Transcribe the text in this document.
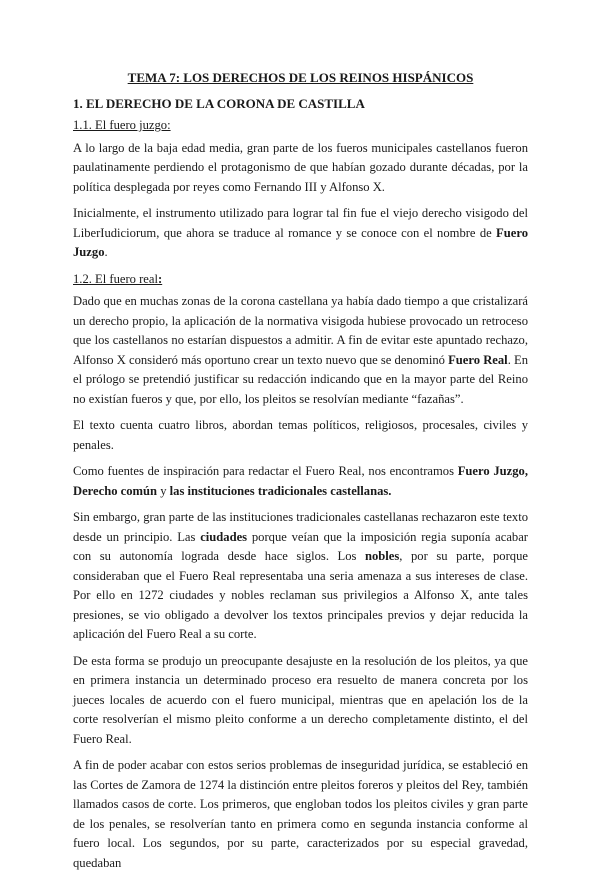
TEMA 7: LOS DERECHOS DE LOS REINOS HISPÁNICOS
1. EL DERECHO DE LA CORONA DE CASTILLA
1.1. El fuero juzgo:

A lo largo de la baja edad media, gran parte de los fueros municipales castellanos fueron paulatinamente perdiendo el protagonismo de que habían gozado durante décadas, por la política desplegada por reyes como Fernando III y Alfonso X.

Inicialmente, el instrumento utilizado para lograr tal fin fue el viejo derecho visigodo del LiberIudiciorum, que ahora se traduce al romance y se conoce con el nombre de Fuero Juzgo.

1.2. El fuero real:

Dado que en muchas zonas de la corona castellana ya había dado tiempo a que cristalizará un derecho propio, la aplicación de la normativa visigoda hubiese provocado un retroceso que los castellanos no estarían dispuestos a admitir. A fin de evitar este apuntado rechazo, Alfonso X consideró más oportuno crear un texto nuevo que se denominó Fuero Real. En el prólogo se pretendió justificar su redacción indicando que en la mayor parte del Reino no existían fueros y que, por ello, los pleitos se resolvían mediante “fazañas”.

El texto cuenta cuatro libros, abordan temas políticos, religiosos, procesales, civiles y penales.

Como fuentes de inspiración para redactar el Fuero Real, nos encontramos Fuero Juzgo, Derecho común y las instituciones tradicionales castellanas.

Sin embargo, gran parte de las instituciones tradicionales castellanas rechazaron este texto desde un principio. Las ciudades porque veían que la imposición regia suponía acabar con su autonomía lograda desde hace siglos. Los nobles, por su parte, porque consideraban que el Fuero Real representaba una seria amenaza a sus intereses de clase. Por ello en 1272 ciudades y nobles reclaman sus privilegios a Alfonso X, ante tales presiones, se vio obligado a devolver los textos principales previos y dejar reducida la aplicación del Fuero Real a su corte.

De esta forma se produjo un preocupante desajuste en la resolución de los pleitos, ya que en primera instancia un determinado proceso era resuelto de manera concreta por los jueces locales de acuerdo con el fuero municipal, mientras que en apelación los de la corte resolverían el mismo pleito conforme a un derecho completamente distinto, el del Fuero Real.

A fin de poder acabar con estos serios problemas de inseguridad jurídica, se estableció en las Cortes de Zamora de 1274 la distinción entre pleitos foreros y pleitos del Rey, también llamados casos de corte. Los primeros, que engloban todos los pleitos civiles y gran parte de los penales, se resolverían tanto en primera como en segunda instancia conforme al fuero local. Los segundos, por su parte, caracterizados por su especial gravedad, quedaban
